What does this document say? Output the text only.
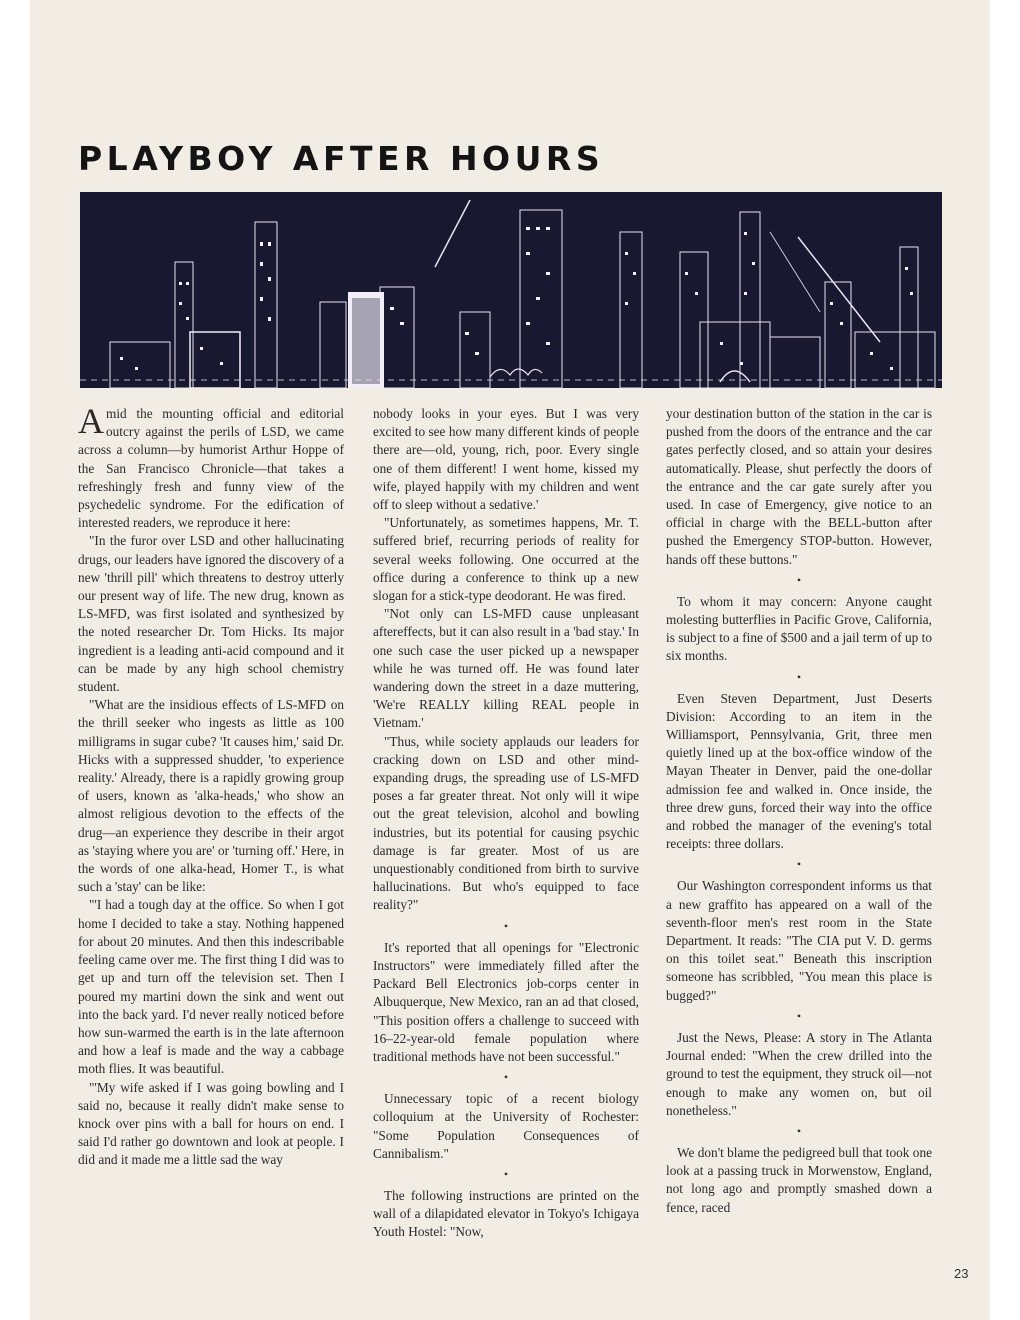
PLAYBOY AFTER HOURS

Amid the mounting official and editorial outcry against the perils of LSD, we came across a column—by humorist Arthur Hoppe of the San Francisco Chronicle—that takes a refreshingly fresh and funny view of the psychedelic syndrome. For the edification of interested readers, we reproduce it here:

"In the furor over LSD and other hallucinating drugs, our leaders have ignored the discovery of a new 'thrill pill' which threatens to destroy utterly our present way of life. The new drug, known as LS-MFD, was first isolated and synthesized by the noted researcher Dr. Tom Hicks. Its major ingredient is a leading anti-acid compound and it can be made by any high school chemistry student.

"What are the insidious effects of LS-MFD on the thrill seeker who ingests as little as 100 milligrams in sugar cube? 'It causes him,' said Dr. Hicks with a suppressed shudder, 'to experience reality.' Already, there is a rapidly growing group of users, known as 'alka-heads,' who show an almost religious devotion to the effects of the drug—an experience they describe in their argot as 'staying where you are' or 'turning off.' Here, in the words of one alka-head, Homer T., is what such a 'stay' can be like:

"'I had a tough day at the office. So when I got home I decided to take a stay. Nothing happened for about 20 minutes. And then this indescribable feeling came over me. The first thing I did was to get up and turn off the television set. Then I poured my martini down the sink and went out into the back yard. I'd never really noticed before how sun-warmed the earth is in the late afternoon and how a leaf is made and the way a cabbage moth flies. It was beautiful.

"'My wife asked if I was going bowling and I said no, because it really didn't make sense to knock over pins with a ball for hours on end. I said I'd rather go downtown and look at people. I did and it made me a little sad the way

nobody looks in your eyes. But I was very excited to see how many different kinds of people there are—old, young, rich, poor. Every single one of them different! I went home, kissed my wife, played happily with my children and went off to sleep without a sedative.'

"Unfortunately, as sometimes happens, Mr. T. suffered brief, recurring periods of reality for several weeks following. One occurred at the office during a conference to think up a new slogan for a stick-type deodorant. He was fired.

"Not only can LS-MFD cause unpleasant aftereffects, but it can also result in a 'bad stay.' In one such case the user picked up a newspaper while he was turned off. He was found later wandering down the street in a daze muttering, 'We're REALLY killing REAL people in Vietnam.'

"Thus, while society applauds our leaders for cracking down on LSD and other mind-expanding drugs, the spreading use of LS-MFD poses a far greater threat. Not only will it wipe out the great television, alcohol and bowling industries, but its potential for causing psychic damage is far greater. Most of us are unquestionably conditioned from birth to survive hallucinations. But who's equipped to face reality?"

•

It's reported that all openings for "Electronic Instructors" were immediately filled after the Packard Bell Electronics job-corps center in Albuquerque, New Mexico, ran an ad that closed, "This position offers a challenge to succeed with 16–22-year-old female population where traditional methods have not been successful."

•

Unnecessary topic of a recent biology colloquium at the University of Rochester: "Some Population Consequences of Cannibalism."

•

The following instructions are printed on the wall of a dilapidated elevator in Tokyo's Ichigaya Youth Hostel: "Now,

your destination button of the station in the car is pushed from the doors of the entrance and the car gates perfectly closed, and so attain your desires automatically. Please, shut perfectly the doors of the entrance and the car gate surely after you used. In case of Emergency, give notice to an official in charge with the BELL-button after pushed the Emergency STOP-button. However, hands off these buttons."

•

To whom it may concern: Anyone caught molesting butterflies in Pacific Grove, California, is subject to a fine of $500 and a jail term of up to six months.

•

Even Steven Department, Just Deserts Division: According to an item in the Williamsport, Pennsylvania, Grit, three men quietly lined up at the box-office window of the Mayan Theater in Denver, paid the one-dollar admission fee and walked in. Once inside, the three drew guns, forced their way into the office and robbed the manager of the evening's total receipts: three dollars.

•

Our Washington correspondent informs us that a new graffito has appeared on a wall of the seventh-floor men's rest room in the State Department. It reads: "The CIA put V. D. germs on this toilet seat." Beneath this inscription someone has scribbled, "You mean this place is bugged?"

•

Just the News, Please: A story in The Atlanta Journal ended: "When the crew drilled into the ground to test the equipment, they struck oil—not enough to make any women on, but oil nonetheless."

•

We don't blame the pedigreed bull that took one look at a passing truck in Morwenstow, England, not long ago and promptly smashed down a fence, raced

23
